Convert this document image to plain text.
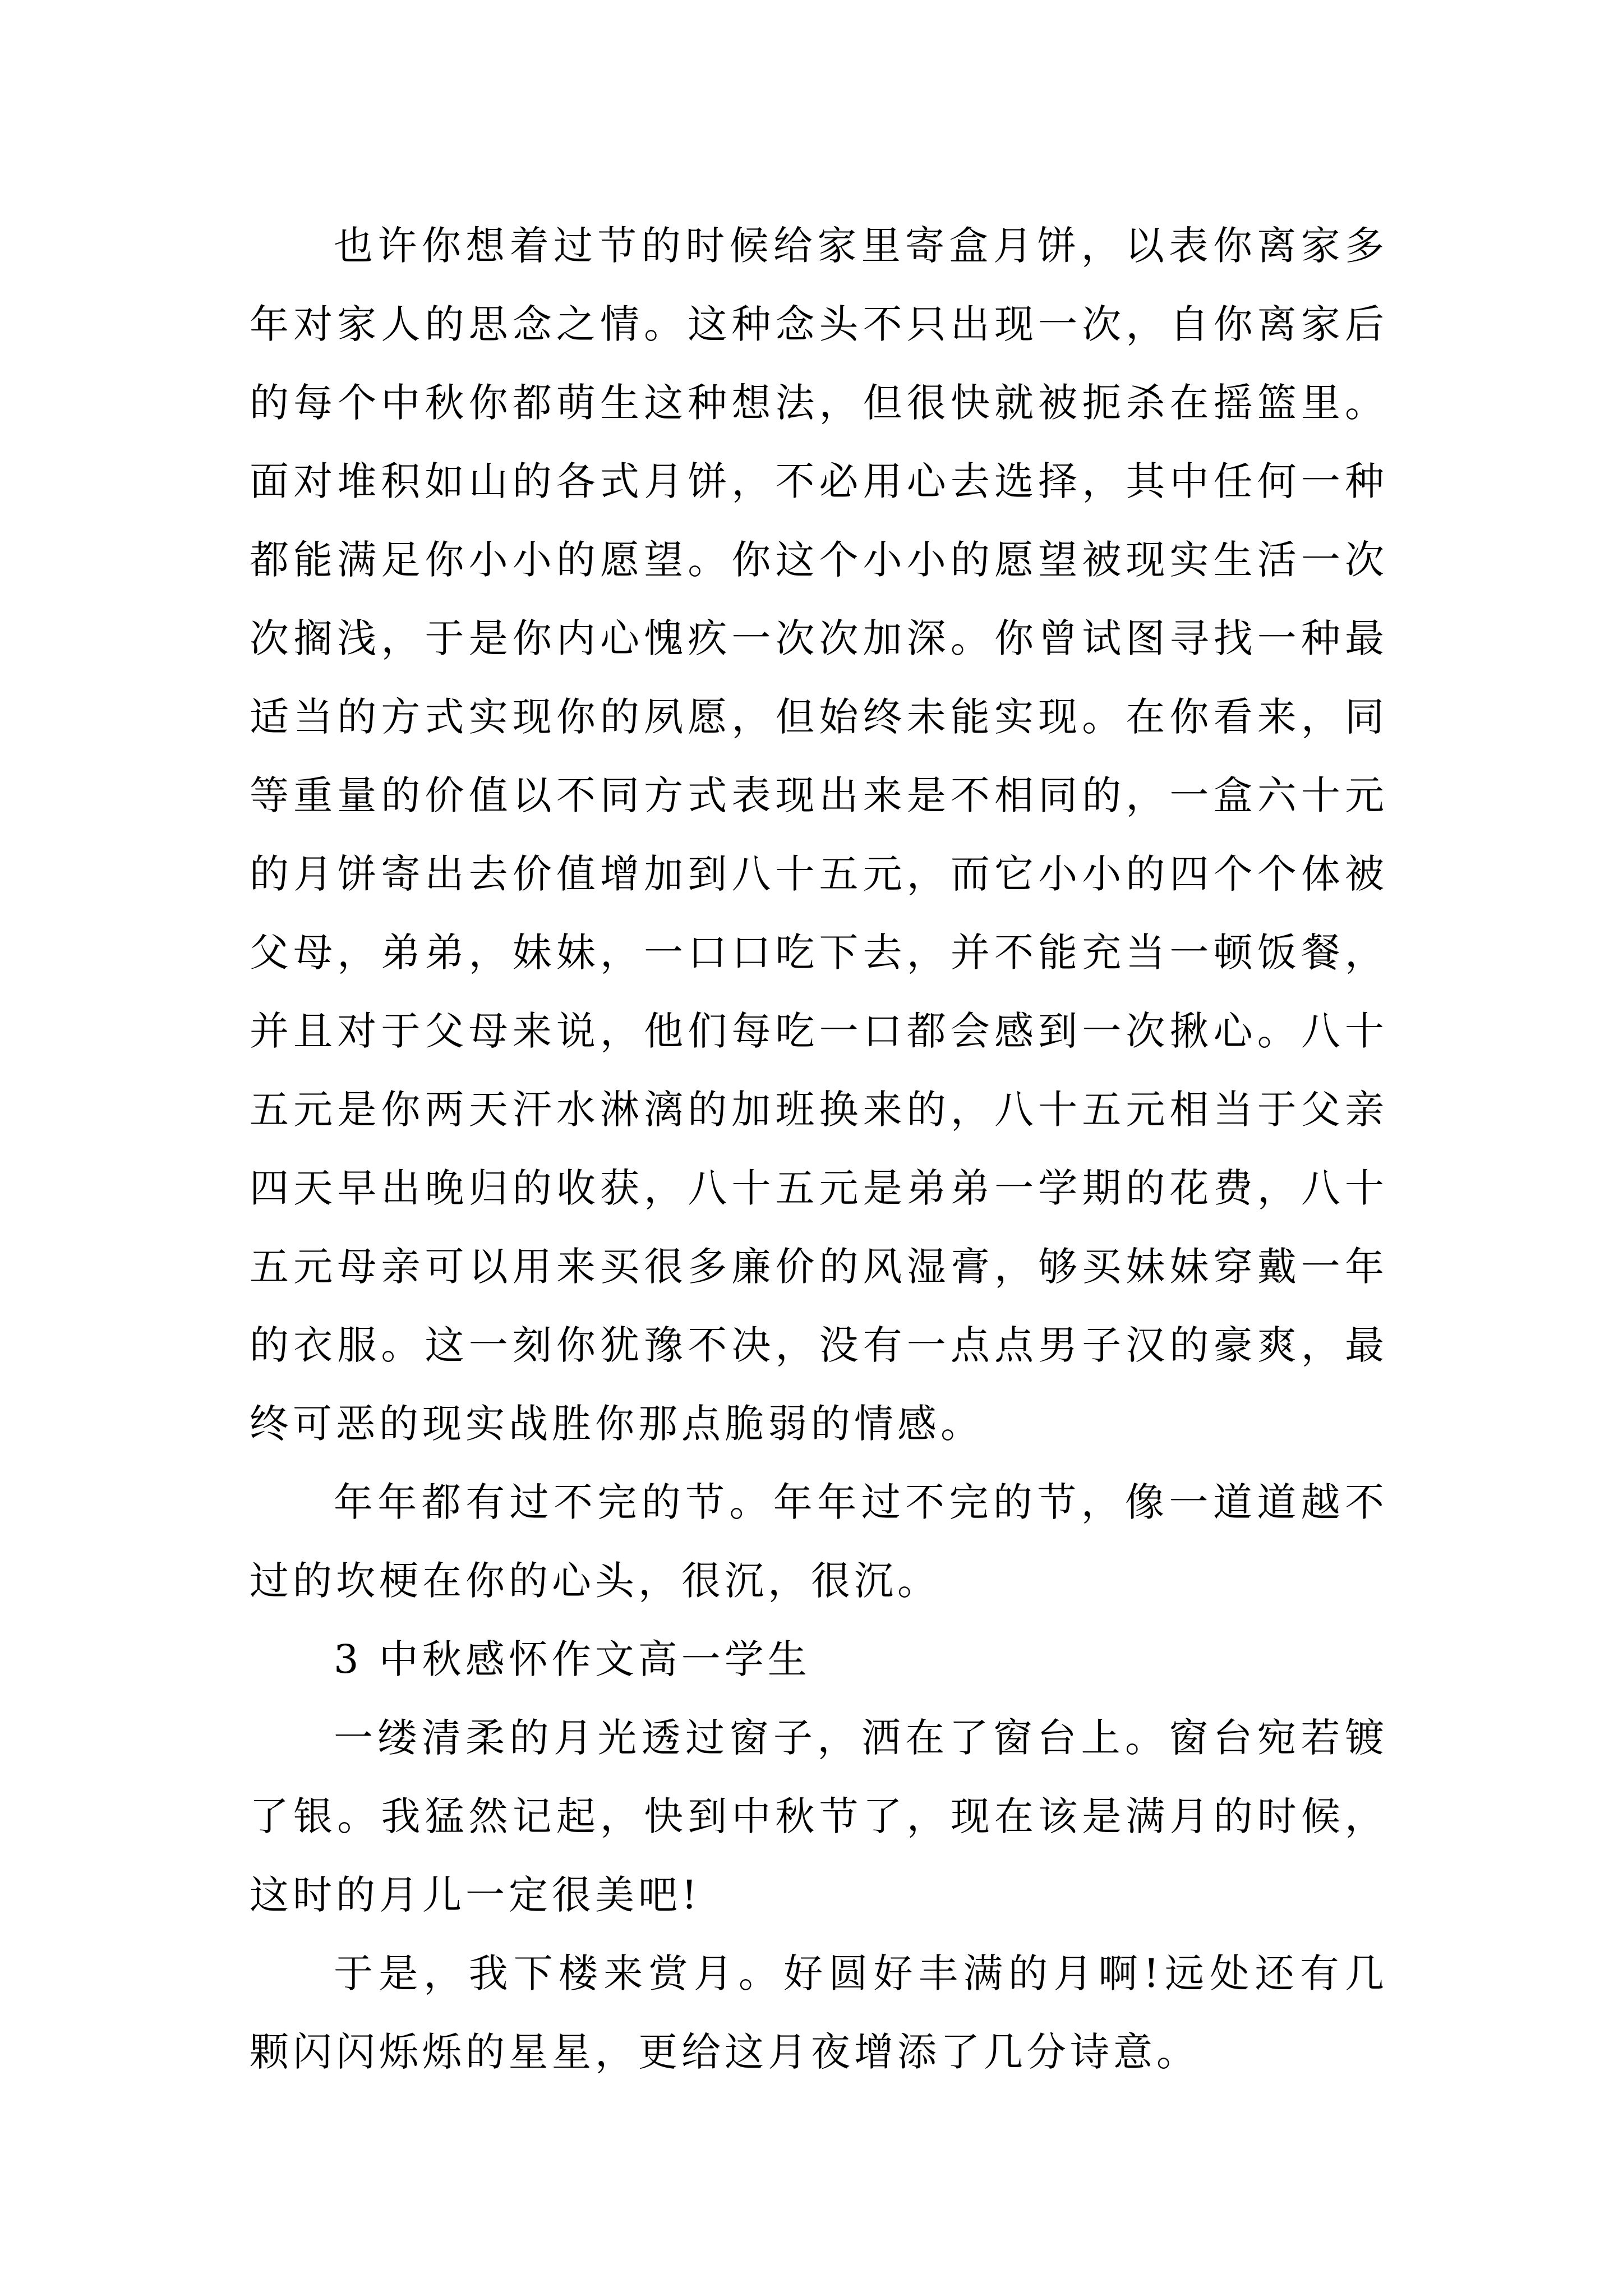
也许你想着过节的时候给家里寄盒月饼，以表你离家多年对家人的思念之情。这种念头不只出现一次，自你离家后的每个中秋你都萌生这种想法，但很快就被扼杀在摇篮里。面对堆积如山的各式月饼，不必用心去选择，其中任何一种都能满足你小小的愿望。你这个小小的愿望被现实生活一次次搁浅，于是你内心愧疚一次次加深。你曾试图寻找一种最适当的方式实现你的夙愿，但始终未能实现。在你看来，同等重量的价值以不同方式表现出来是不相同的，一盒六十元的月饼寄出去价值增加到八十五元，而它小小的四个个体被父母，弟弟，妹妹，一口口吃下去，并不能充当一顿饭餐，并且对于父母来说，他们每吃一口都会感到一次揪心。八十五元是你两天汗水淋漓的加班换来的，八十五元相当于父亲四天早出晚归的收获，八十五元是弟弟一学期的花费，八十五元母亲可以用来买很多廉价的风湿膏，够买妹妹穿戴一年的衣服。这一刻你犹豫不决，没有一点点男子汉的豪爽，最终可恶的现实战胜你那点脆弱的情感。

年年都有过不完的节。年年过不完的节，像一道道越不过的坎梗在你的心头，很沉，很沉。

3 中秋感怀作文高一学生

一缕清柔的月光透过窗子，洒在了窗台上。窗台宛若镀了银。我猛然记起，快到中秋节了，现在该是满月的时候，这时的月儿一定很美吧!

于是，我下楼来赏月。好圆好丰满的月啊!远处还有几颗闪闪烁烁的星星，更给这月夜增添了几分诗意。
